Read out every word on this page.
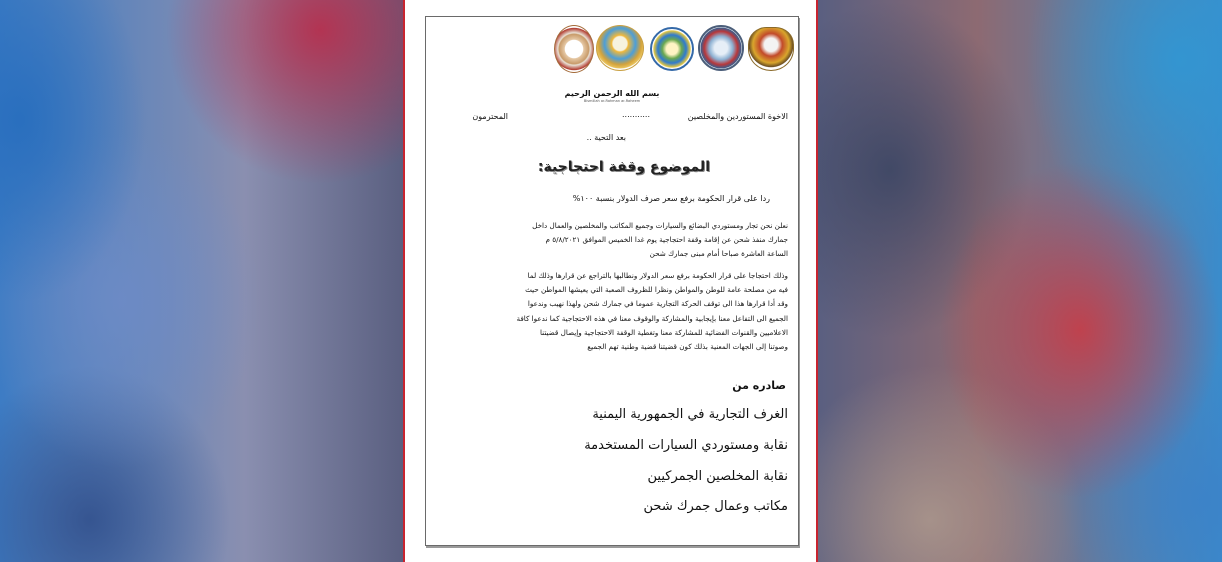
بسم الله الرحمن الرحيم
Bismillah ar-Rahman ar-Raheem
الاخوة المستوردين والمخلصين
...........
المحترمون
بعد التحية ..
الموضوع وقفة احتجاجية:
ردا على قرار الحكومة برفع سعر صرف الدولار بنسبة ١٠٠%
نعلن نحن تجار ومستوردي البضائع والسيارات وجميع المكاتب والمخلصين والعمال داخل
جمارك منفذ شحن عن إقامة وقفة احتجاجية يوم غدا الخميس الموافق ٥/٨/٢٠٢١ م
الساعة العاشرة صباحا أمام مبنى جمارك شحن
وذلك احتجاجا على قرار الحكومة برفع سعر الدولار ونطالبها بالتراجع عن قرارها وذلك لما
فيه من مصلحة عامة للوطن والمواطن ونظرا للظروف الصعبة التي يعيشها المواطن حيث
وقد أدا قرارها هذا الى توقف الحركة التجارية عموما في جمارك شحن ولهذا نهيب وندعوا
الجميع الى التفاعل معنا بإيجابية والمشاركة والوقوف معنا في هذه الاحتجاجية كما ندعوا كافة
الاعلاميين والقنوات الفضائية للمشاركة معنا وتغطية الوقفة الاحتجاجية وإيصال قضيتنا
وصوتنا إلى الجهات المعنية بذلك كون قضيتنا قضية وطنية تهم الجميع
صادره من
الغرف التجارية في الجمهورية اليمنية
نقابة ومستوردي السيارات المستخدمة
نقابة المخلصين الجمركيين
مكاتب وعمال جمرك شحن
